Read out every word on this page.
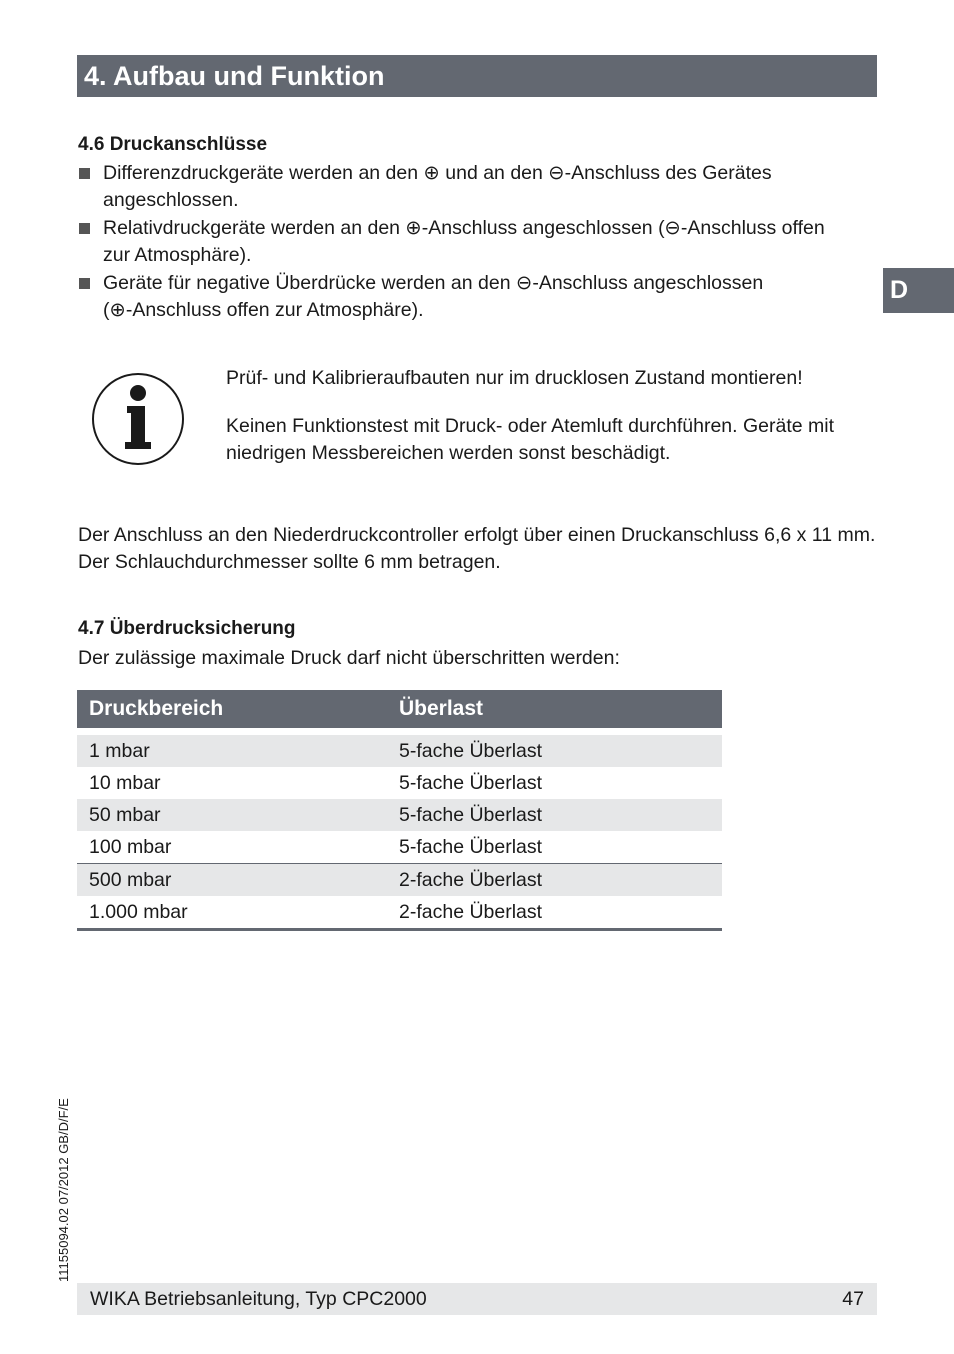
4. Aufbau und Funktion
D
4.6 Druckanschlüsse
Differenzdruckgeräte werden an den ⊕ und an den ⊖-Anschluss des Gerätes
angeschlossen.
Relativdruckgeräte werden an den ⊕-Anschluss angeschlossen (⊖-Anschluss offen
zur Atmosphäre).
Geräte für negative Überdrücke werden an den ⊖-Anschluss angeschlossen
(⊕-Anschluss offen zur Atmosphäre).
Prüf- und Kalibrieraufbauten nur im drucklosen Zustand montieren!
Keinen Funktionstest mit Druck- oder Atemluft durchführen. Geräte mit
niedrigen Messbereichen werden sonst beschädigt.
Der Anschluss an den Niederdruckcontroller erfolgt über einen Druckanschluss 6,6 x 11 mm.
Der Schlauchdurchmesser sollte 6 mm betragen.
4.7 Überdrucksicherung
Der zulässige maximale Druck darf nicht überschritten werden:
Druckbereich	Überlast
1 mbar	5-fache Überlast
10 mbar	5-fache Überlast
50 mbar	5-fache Überlast
100 mbar	5-fache Überlast
500 mbar	2-fache Überlast
1.000 mbar	2-fache Überlast
11155094.02 07/2012 GB/D/F/E
WIKA Betriebsanleitung, Typ CPC2000	47
